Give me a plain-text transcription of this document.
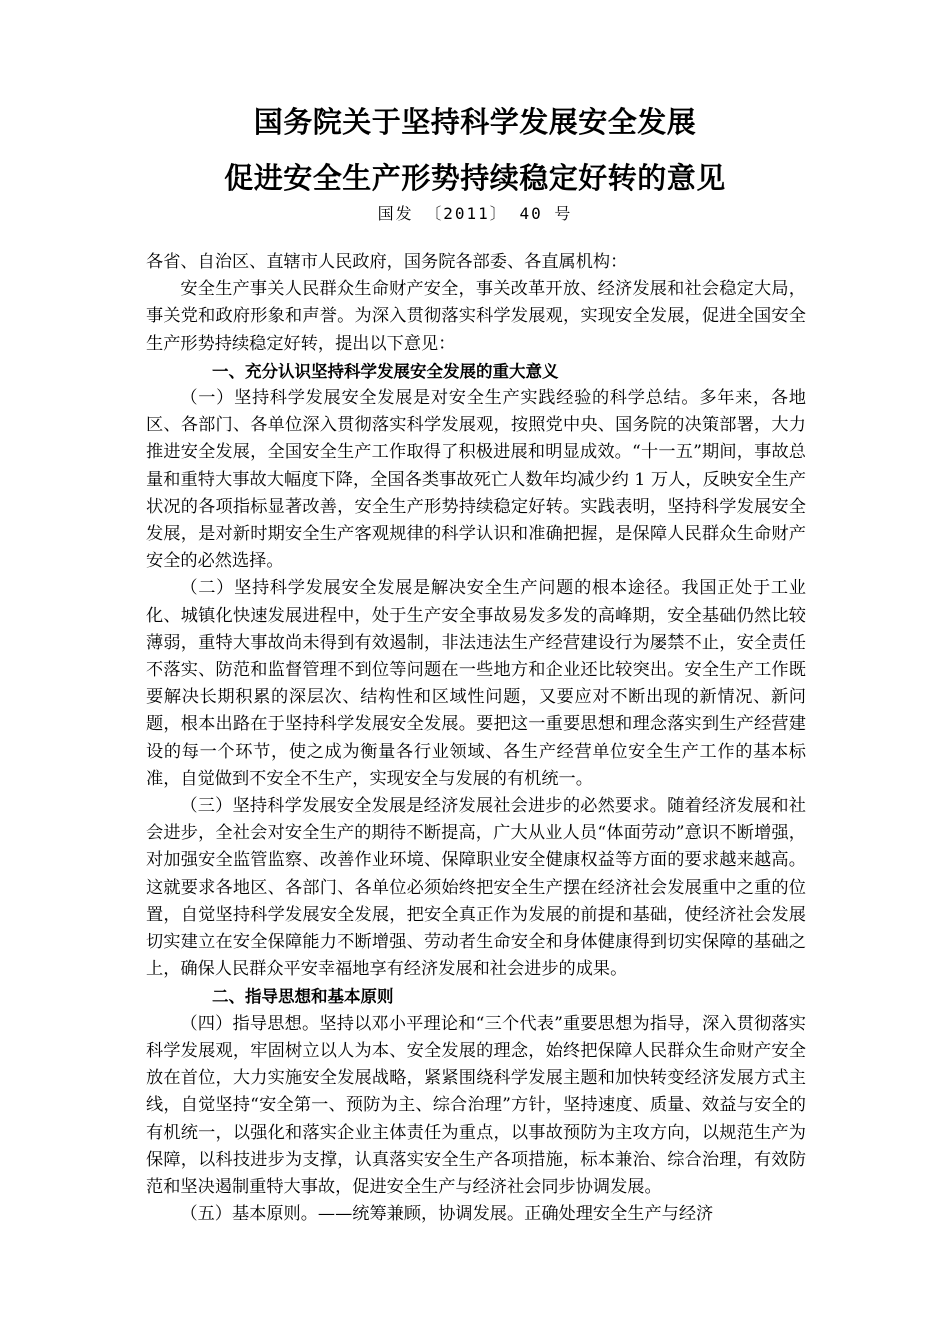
国务院关于坚持科学发展安全发展
促进安全生产形势持续稳定好转的意见
国发 〔2011〕 40 号

各省、自治区、直辖市人民政府，国务院各部委、各直属机构：

安全生产事关人民群众生命财产安全，事关改革开放、经济发展和社会稳定大局，事关党和政府形象和声誉。为深入贯彻落实科学发展观，实现安全发展，促进全国安全生产形势持续稳定好转，提出以下意见：

一、充分认识坚持科学发展安全发展的重大意义

（一）坚持科学发展安全发展是对安全生产实践经验的科学总结。多年来，各地区、各部门、各单位深入贯彻落实科学发展观，按照党中央、国务院的决策部署，大力推进安全发展，全国安全生产工作取得了积极进展和明显成效。“十一五”期间，事故总量和重特大事故大幅度下降，全国各类事故死亡人数年均减少约 1 万人，反映安全生产状况的各项指标显著改善，安全生产形势持续稳定好转。实践表明，坚持科学发展安全发展，是对新时期安全生产客观规律的科学认识和准确把握，是保障人民群众生命财产安全的必然选择。

（二）坚持科学发展安全发展是解决安全生产问题的根本途径。我国正处于工业化、城镇化快速发展进程中，处于生产安全事故易发多发的高峰期，安全基础仍然比较薄弱，重特大事故尚未得到有效遏制，非法违法生产经营建设行为屡禁不止，安全责任不落实、防范和监督管理不到位等问题在一些地方和企业还比较突出。安全生产工作既要解决长期积累的深层次、结构性和区域性问题，又要应对不断出现的新情况、新问题，根本出路在于坚持科学发展安全发展。要把这一重要思想和理念落实到生产经营建设的每一个环节，使之成为衡量各行业领域、各生产经营单位安全生产工作的基本标准，自觉做到不安全不生产，实现安全与发展的有机统一。

（三）坚持科学发展安全发展是经济发展社会进步的必然要求。随着经济发展和社会进步，全社会对安全生产的期待不断提高，广大从业人员“体面劳动”意识不断增强，对加强安全监管监察、改善作业环境、保障职业安全健康权益等方面的要求越来越高。这就要求各地区、各部门、各单位必须始终把安全生产摆在经济社会发展重中之重的位置，自觉坚持科学发展安全发展，把安全真正作为发展的前提和基础，使经济社会发展切实建立在安全保障能力不断增强、劳动者生命安全和身体健康得到切实保障的基础之上，确保人民群众平安幸福地享有经济发展和社会进步的成果。

二、指导思想和基本原则

（四）指导思想。坚持以邓小平理论和“三个代表”重要思想为指导，深入贯彻落实科学发展观，牢固树立以人为本、安全发展的理念，始终把保障人民群众生命财产安全放在首位，大力实施安全发展战略，紧紧围绕科学发展主题和加快转变经济发展方式主线，自觉坚持“安全第一、预防为主、综合治理”方针，坚持速度、质量、效益与安全的有机统一，以强化和落实企业主体责任为重点，以事故预防为主攻方向，以规范生产为保障，以科技进步为支撑，认真落实安全生产各项措施，标本兼治、综合治理，有效防范和坚决遏制重特大事故，促进安全生产与经济社会同步协调发展。

（五）基本原则。——统筹兼顾，协调发展。正确处理安全生产与经济
